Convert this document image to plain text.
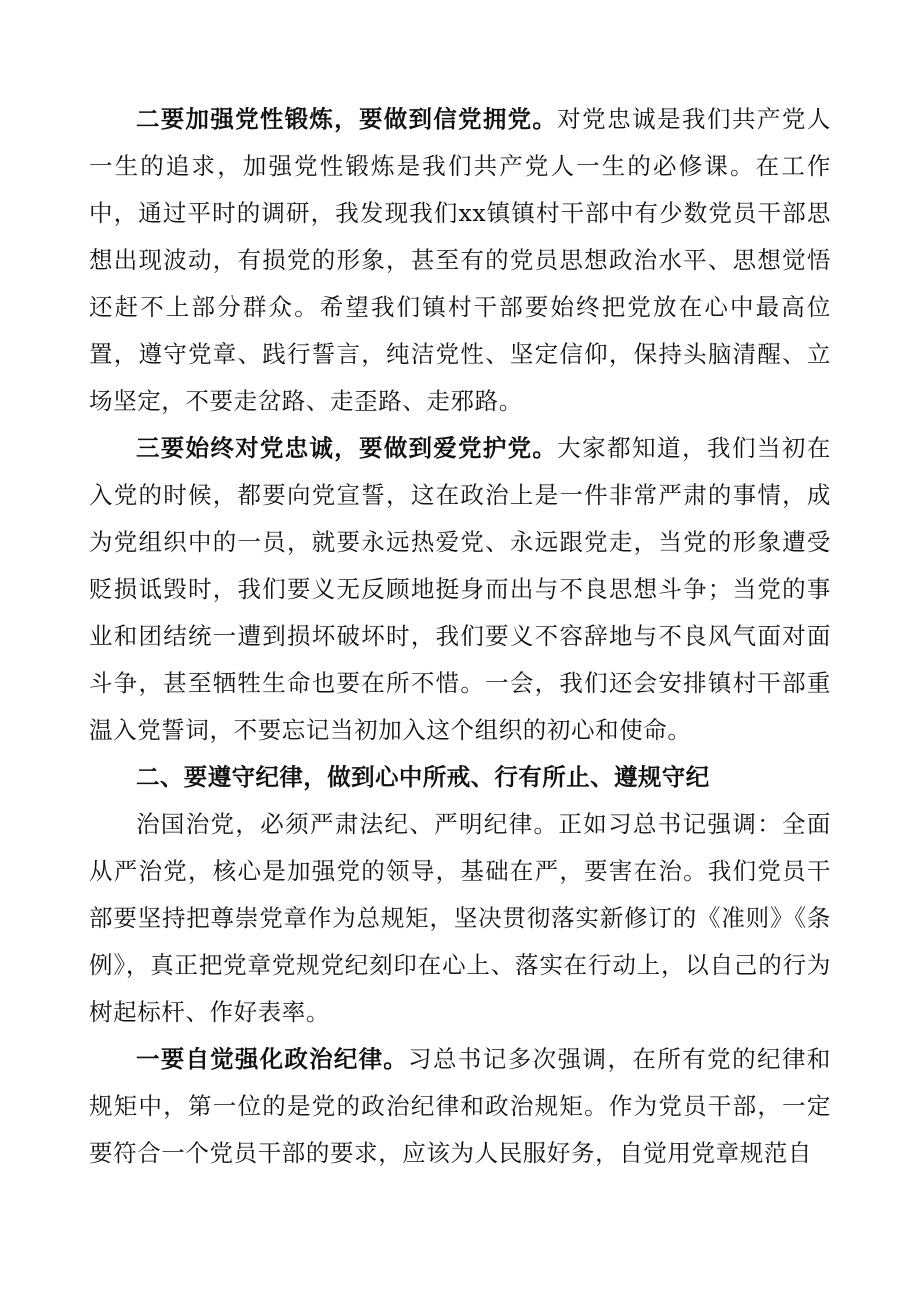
二要加强党性锻炼，要做到信党拥党。对党忠诚是我们共产党人一生的追求，加强党性锻炼是我们共产党人一生的必修课。在工作中，通过平时的调研，我发现我们xx镇镇村干部中有少数党员干部思想出现波动，有损党的形象，甚至有的党员思想政治水平、思想觉悟还赶不上部分群众。希望我们镇村干部要始终把党放在心中最高位置，遵守党章、践行誓言，纯洁党性、坚定信仰，保持头脑清醒、立场坚定，不要走岔路、走歪路、走邪路。

三要始终对党忠诚，要做到爱党护党。大家都知道，我们当初在入党的时候，都要向党宣誓，这在政治上是一件非常严肃的事情，成为党组织中的一员，就要永远热爱党、永远跟党走，当党的形象遭受贬损诋毁时，我们要义无反顾地挺身而出与不良思想斗争；当党的事业和团结统一遭到损坏破坏时，我们要义不容辞地与不良风气面对面斗争，甚至牺牲生命也要在所不惜。一会，我们还会安排镇村干部重温入党誓词，不要忘记当初加入这个组织的初心和使命。

二、要遵守纪律，做到心中所戒、行有所止、遵规守纪

治国治党，必须严肃法纪、严明纪律。正如习总书记强调：全面从严治党，核心是加强党的领导，基础在严，要害在治。我们党员干部要坚持把尊崇党章作为总规矩，坚决贯彻落实新修订的《准则》《条例》，真正把党章党规党纪刻印在心上、落实在行动上，以自己的行为树起标杆、作好表率。

一要自觉强化政治纪律。习总书记多次强调，在所有党的纪律和规矩中，第一位的是党的政治纪律和政治规矩。作为党员干部，一定要符合一个党员干部的要求，应该为人民服好务，自觉用党章规范自
